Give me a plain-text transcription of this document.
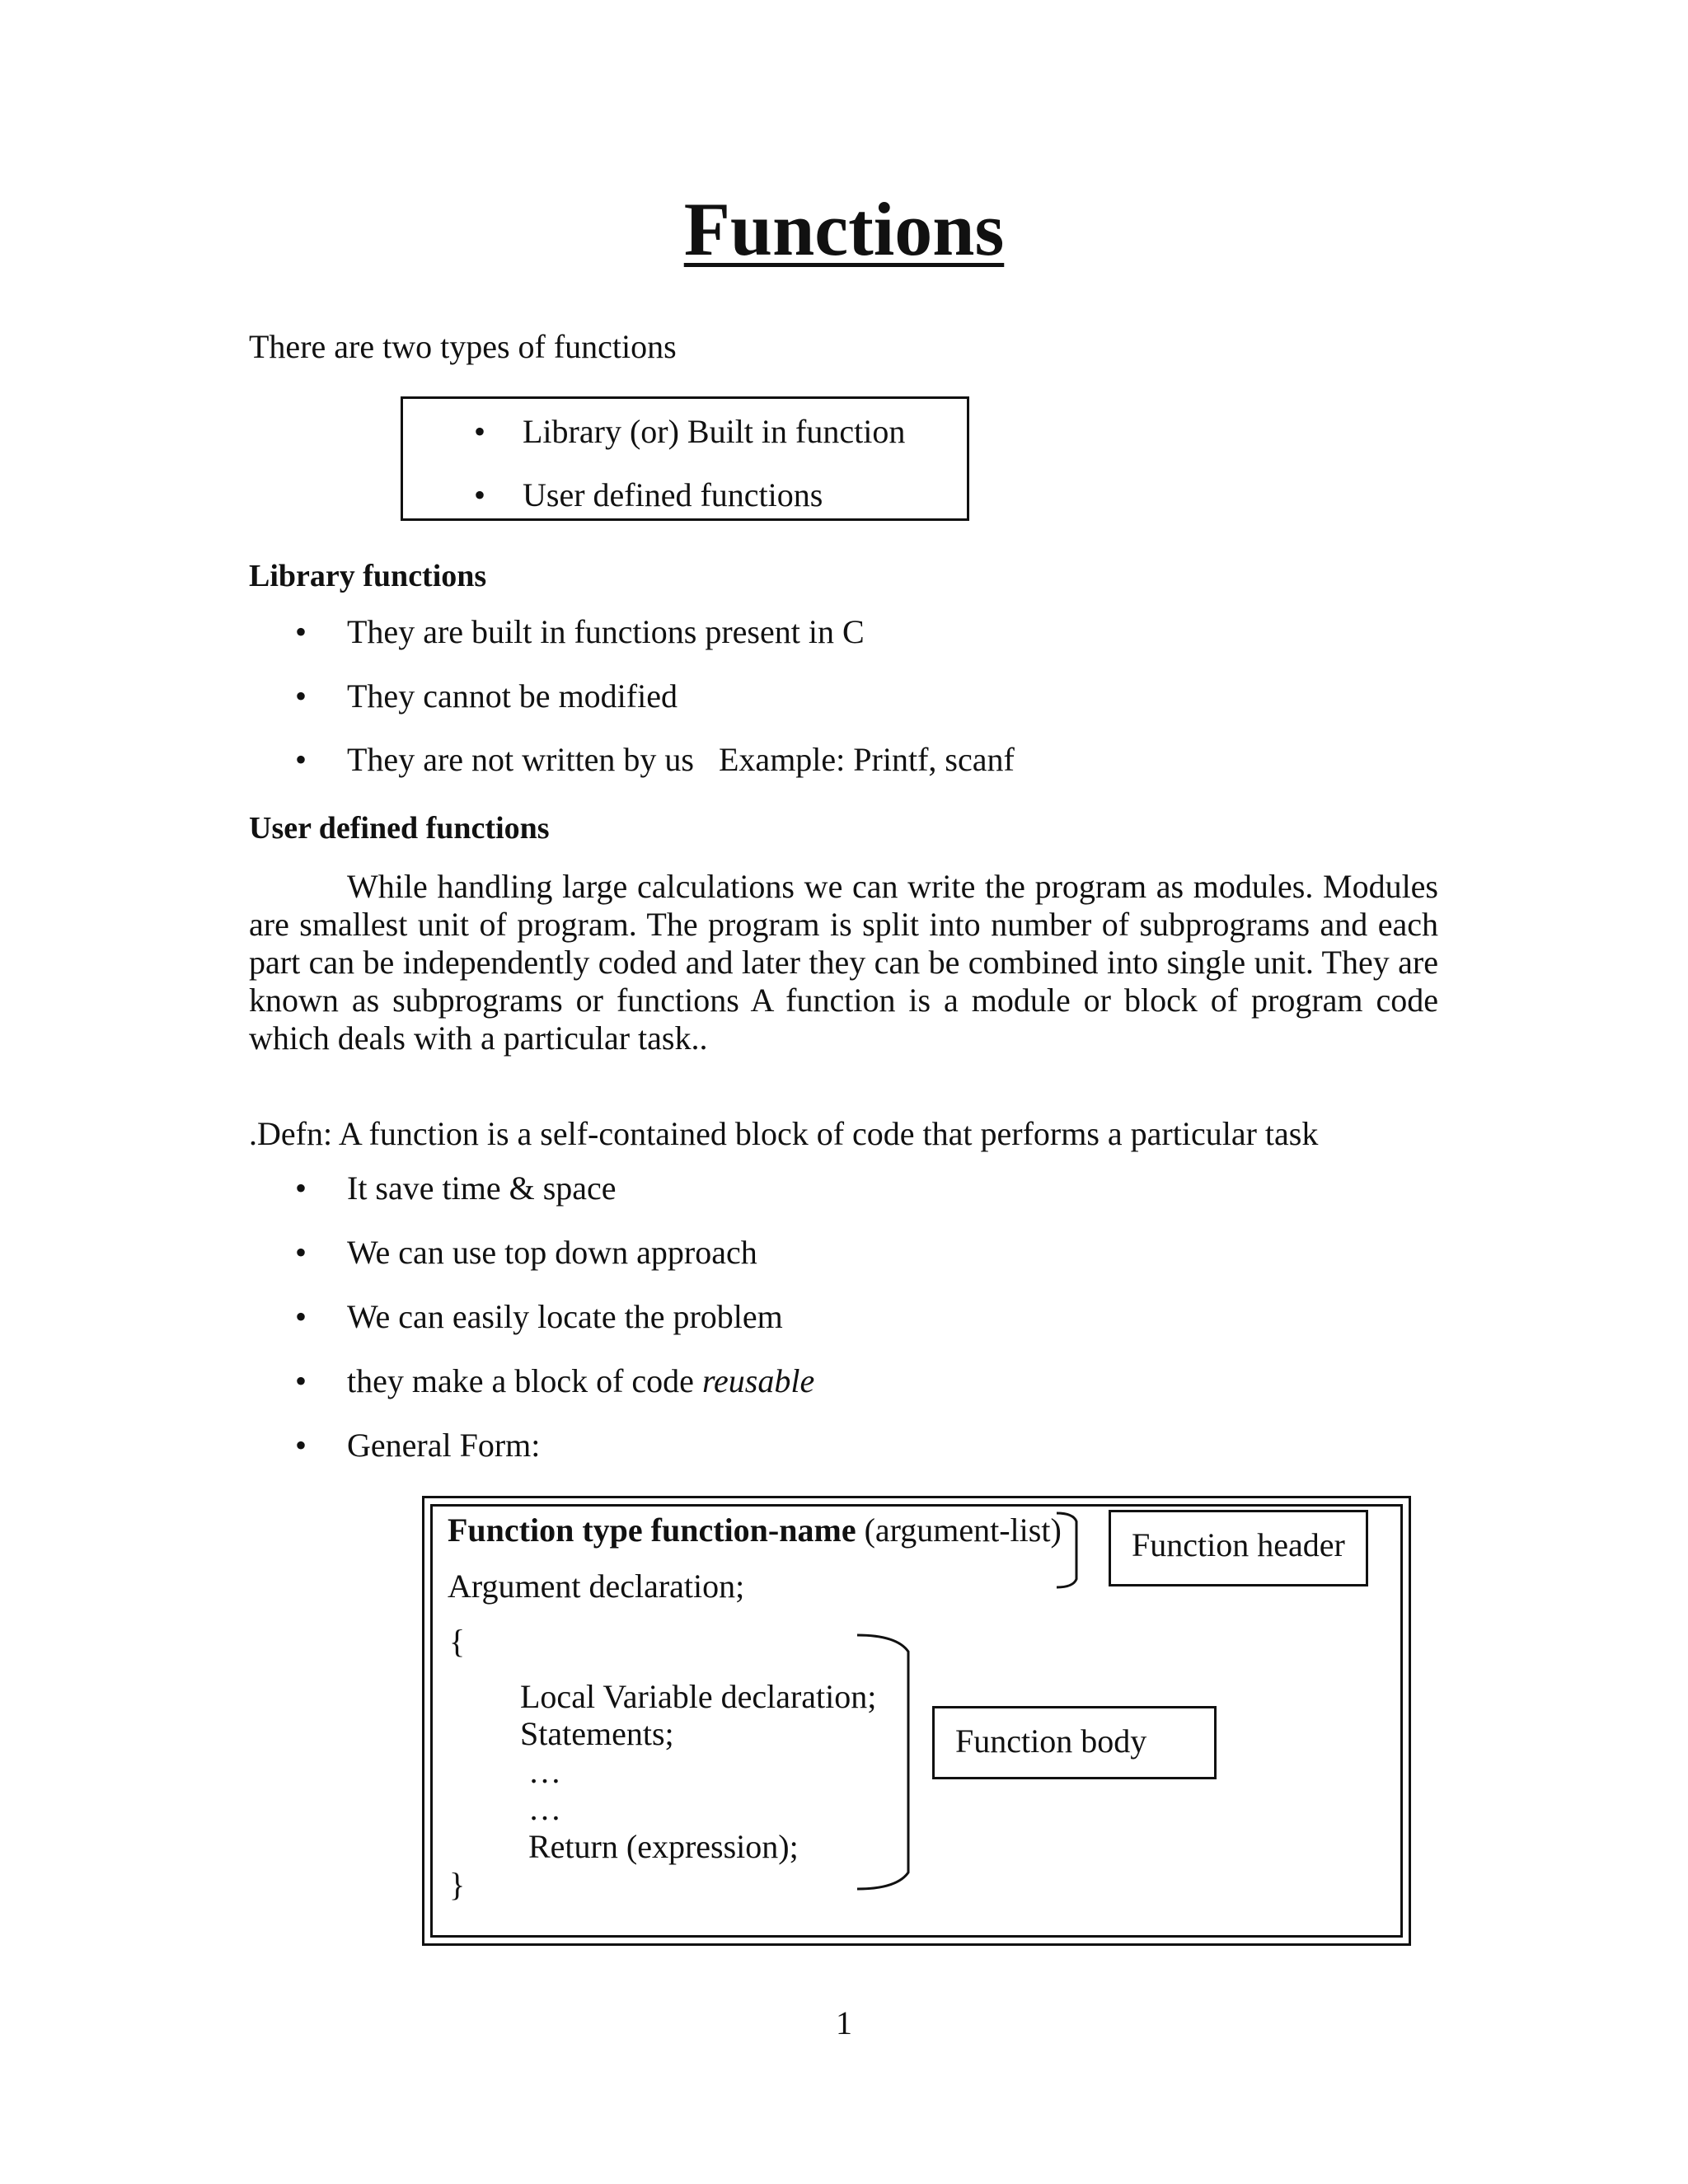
Functions
There are two types of functions
• Library (or) Built in function
• User defined functions
Library functions
• They are built in functions present in C
• They cannot be modified
• They are not written by us Example: Printf, scanf
User defined functions

While handling large calculations we can write the program as modules. Modules are smallest unit of program. The program is split into number of subprograms and each part can be independently coded and later they can be combined into single unit. They are known as subprograms or functions A function is a module or block of program code which deals with a particular task..

.Defn: A function is a self-contained block of code that performs a particular task
• It save time & space
• We can use top down approach
• We can easily locate the problem
• they make a block of code reusable
• General Form:
Function type function-name (argument-list)
Argument declaration;
{
Local Variable declaration;
Statements;
…
…
Return (expression);
}
Function header
Function body
1
